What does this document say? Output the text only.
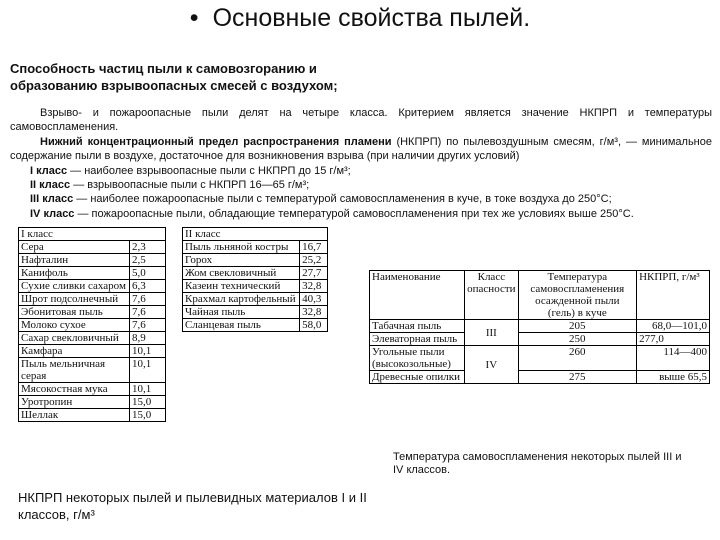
• Основные свойства пылей.
Способность частиц пыли к самовозгоранию и
образованию взрывоопасных смесей с воздухом;

Взрыво- и пожароопасные пыли делят на четыре класса. Критерием является значение НКПРП и температуры самовоспламенения.

Нижний концентрационный предел распространения пламени (НКПРП) по пылевоздушным смесям, г/м³, — минимальное содержание пыли в воздухе, достаточное для возникновения взрыва (при наличии других условий)

I класс — наиболее взрывоопасные пыли с НКПРП до 15 г/м³;

II класс — взрывоопасные пыли с НКПРП 16—65 г/м³;

III класс — наиболее пожароопасные пыли с температурой самовоспламенения в куче, в токе воздуха до 250°C;

IV класс — пожароопасные пыли, обладающие температурой самовоспламенения при тех же условиях выше 250°C.

I класс	
Сера	2,3
Нафталин	2,5
Канифоль	5,0
Сухие сливки сахаром	6,3
Шрот подсолнечный	7,6
Эбонитовая пыль	7,6
Молоко сухое	7,6
Сахар свекловичный	8,9
Камфара	10,1
Пыль мельничная серая	10,1
Мясокостная мука	10,1
Уротропин	15,0
Шеллак	15,0
II класс	
Пыль льняной костры	16,7
Горох	25,2
Жом свекловичный	27,7
Казеин технический	32,8
Крахмал картофельный	40,3
Чайная пыль	32,8
Сланцевая пыль	58,0
Наименование	Класс опасности	Температура самовоспламенения осажденной пыли (гель) в куче	НКПРП, г/м³
Табачная пыль	III	205	68,0—101,0
Элеваторная пыль		250	277,0
Угольные пыли (высокозольные)	IV	260	114—400
Древесные опилки		275	выше 65,5
Температура самовоспламенения некоторых пылей III и IV классов.
НКПРП некоторых пылей и пылевидных материалов I и II классов, г/м³
